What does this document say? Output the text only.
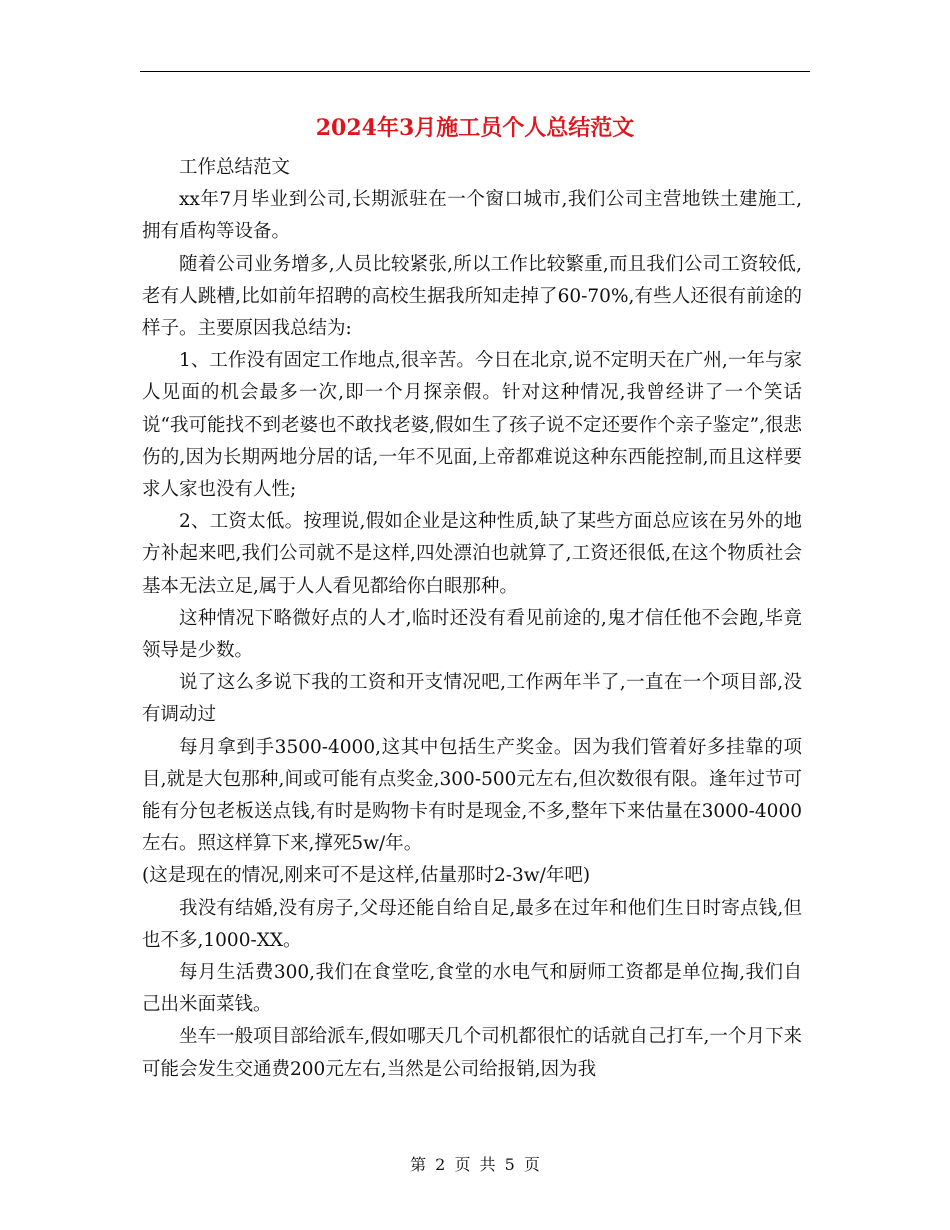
2024年3月施工员个人总结范文

工作总结范文

xx年7月毕业到公司,长期派驻在一个窗口城市,我们公司主营地铁土建施工,拥有盾构等设备。

随着公司业务增多,人员比较紧张,所以工作比较繁重,而且我们公司工资较低,老有人跳槽,比如前年招聘的高校生据我所知走掉了60-70%,有些人还很有前途的样子。主要原因我总结为:

1、工作没有固定工作地点,很辛苦。今日在北京,说不定明天在广州,一年与家人见面的机会最多一次,即一个月探亲假。针对这种情况,我曾经讲了一个笑话说“我可能找不到老婆也不敢找老婆,假如生了孩子说不定还要作个亲子鉴定”,很悲伤的,因为长期两地分居的话,一年不见面,上帝都难说这种东西能控制,而且这样要求人家也没有人性;

2、工资太低。按理说,假如企业是这种性质,缺了某些方面总应该在另外的地方补起来吧,我们公司就不是这样,四处漂泊也就算了,工资还很低,在这个物质社会基本无法立足,属于人人看见都给你白眼那种。

这种情况下略微好点的人才,临时还没有看见前途的,鬼才信任他不会跑,毕竟领导是少数。

说了这么多说下我的工资和开支情况吧,工作两年半了,一直在一个项目部,没有调动过

每月拿到手3500-4000,这其中包括生产奖金。因为我们管着好多挂靠的项目,就是大包那种,间或可能有点奖金,300-500元左右,但次数很有限。逢年过节可能有分包老板送点钱,有时是购物卡有时是现金,不多,整年下来估量在3000-4000左右。照这样算下来,撑死5w/年。

(这是现在的情况,刚来可不是这样,估量那时2-3w/年吧)

我没有结婚,没有房子,父母还能自给自足,最多在过年和他们生日时寄点钱,但也不多,1000-XX。

每月生活费300,我们在食堂吃,食堂的水电气和厨师工资都是单位掏,我们自己出米面菜钱。

坐车一般项目部给派车,假如哪天几个司机都很忙的话就自己打车,一个月下来可能会发生交通费200元左右,当然是公司给报销,因为我

第 2 页 共 5 页
